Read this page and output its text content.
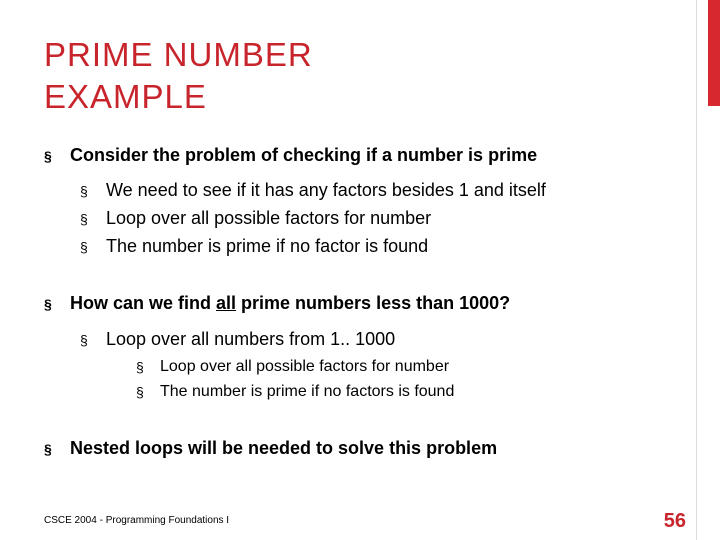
PRIME NUMBER
EXAMPLE
§ Consider the problem of checking if a number is prime
§ We need to see if it has any factors besides 1 and itself
§ Loop over all possible factors for number
§ The number is prime if no factor is found
§ How can we find all prime numbers less than 1000?
§ Loop over all numbers from 1.. 1000
§ Loop over all possible factors for number
§ The number is prime if no factors is found
§ Nested loops will be needed to solve this problem
CSCE 2004 - Programming Foundations I	56
